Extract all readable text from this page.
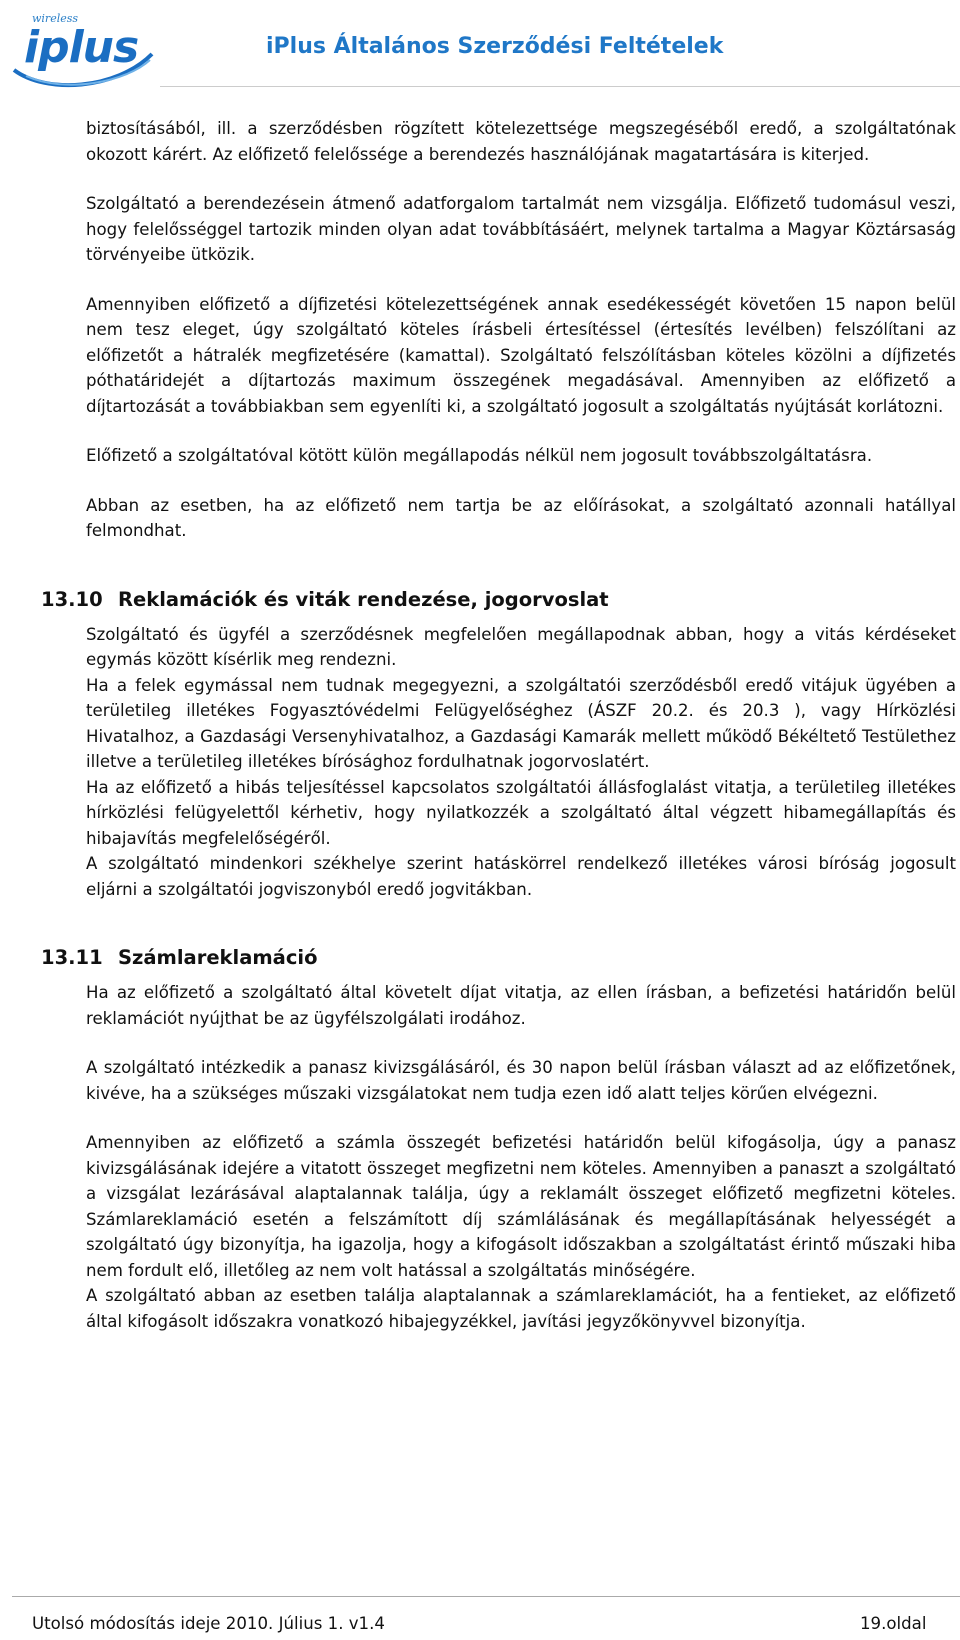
wireless
iplus	iPlus Általános Szerződési Feltételek

biztosításából, ill. a szerződésben rögzített kötelezettsége megszegéséből eredő, a szolgáltatónak okozott kárért. Az előfizető felelőssége a berendezés használójának magatartására is kiterjed.

Szolgáltató a berendezésein átmenő adatforgalom tartalmát nem vizsgálja. Előfizető tudomásul veszi, hogy felelősséggel tartozik minden olyan adat továbbításáért, melynek tartalma a Magyar Köztársaság törvényeibe ütközik.

Amennyiben előfizető a díjfizetési kötelezettségének annak esedékességét követően 15 napon belül nem tesz eleget, úgy szolgáltató köteles írásbeli értesítéssel (értesítés levélben) felszólítani az előfizetőt a hátralék megfizetésére (kamattal). Szolgáltató felszólításban köteles közölni a díjfizetés póthatáridejét a díjtartozás maximum összegének megadásával. Amennyiben az előfizető a díjtartozását a továbbiakban sem egyenlíti ki, a szolgáltató jogosult a szolgáltatás nyújtását korlátozni.

Előfizető a szolgáltatóval kötött külön megállapodás nélkül nem jogosult továbbszolgáltatásra.

Abban az esetben, ha az előfizető nem tartja be az előírásokat, a szolgáltató azonnali hatállyal felmondhat.

13.10 Reklamációk és viták rendezése, jogorvoslat

Szolgáltató és ügyfél a szerződésnek megfelelően megállapodnak abban, hogy a vitás kérdéseket egymás között kísérlik meg rendezni.

Ha a felek egymással nem tudnak megegyezni, a szolgáltatói szerződésből eredő vitájuk ügyében a területileg illetékes Fogyasztóvédelmi Felügyelőséghez (ÁSZF 20.2. és 20.3 ), vagy Hírközlési Hivatalhoz, a Gazdasági Versenyhivatalhoz, a Gazdasági Kamarák mellett működő Békéltető Testülethez illetve a területileg illetékes bírósághoz fordulhatnak jogorvoslatért.

Ha az előfizető a hibás teljesítéssel kapcsolatos szolgáltatói állásfoglalást vitatja, a területileg illetékes hírközlési felügyelettől kérhetiv, hogy nyilatkozzék a szolgáltató által végzett hibamegállapítás és hibajavítás megfelelőségéről.

A szolgáltató mindenkori székhelye szerint hatáskörrel rendelkező illetékes városi bíróság jogosult eljárni a szolgáltatói jogviszonyból eredő jogvitákban.

13.11 Számlareklamáció

Ha az előfizető a szolgáltató által követelt díjat vitatja, az ellen írásban, a befizetési határidőn belül reklamációt nyújthat be az ügyfélszolgálati irodához.

A szolgáltató intézkedik a panasz kivizsgálásáról, és 30 napon belül írásban választ ad az előfizetőnek, kivéve, ha a szükséges műszaki vizsgálatokat nem tudja ezen idő alatt teljes körűen elvégezni.

Amennyiben az előfizető a számla összegét befizetési határidőn belül kifogásolja, úgy a panasz kivizsgálásának idejére a vitatott összeget megfizetni nem köteles. Amennyiben a panaszt a szolgáltató a vizsgálat lezárásával alaptalannak találja, úgy a reklamált összeget előfizető megfizetni köteles. Számlareklamáció esetén a felszámított díj számlálásának és megállapításának helyességét a szolgáltató úgy bizonyítja, ha igazolja, hogy a kifogásolt időszakban a szolgáltatást érintő műszaki hiba nem fordult elő, illetőleg az nem volt hatással a szolgáltatás minőségére.

A szolgáltató abban az esetben találja alaptalannak a számlareklamációt, ha a fentieket, az előfizető által kifogásolt időszakra vonatkozó hibajegyzékkel, javítási jegyzőkönyvvel bizonyítja.

Utolsó módosítás ideje 2010. Július 1. v1.4	19.oldal
